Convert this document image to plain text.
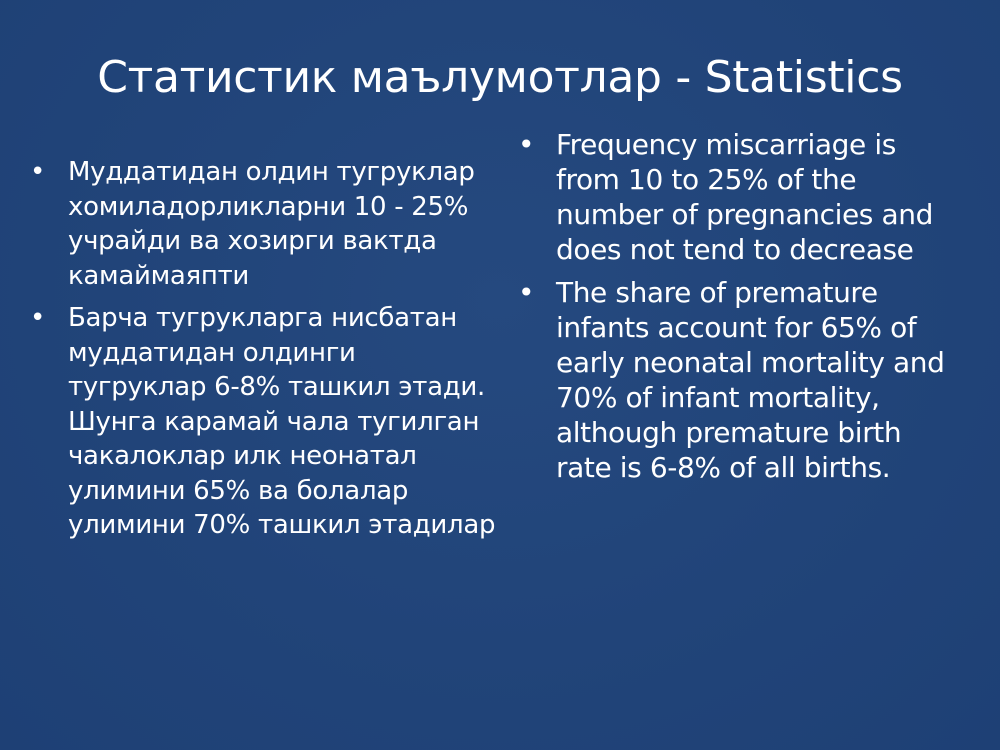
Статистик маълумотлар - Statistics
• Муддатидан олдин тугруклар хомиладорликларни 10 - 25% учрайди ва хозирги вактда камаймаяпти
• Барча тугрукларга нисбатан муддатидан олдинги тугруклар 6-8% ташкил этади. Шунга карамай чала тугилган чакалоклар илк неонатал улимини 65% ва болалар улимини 70% ташкил этадилар
• Frequency miscarriage is from 10 to 25% of the number of pregnancies and does not tend to decrease
• The share of premature infants account for 65% of early neonatal mortality and 70% of infant mortality, although premature birth rate is 6-8% of all births.
